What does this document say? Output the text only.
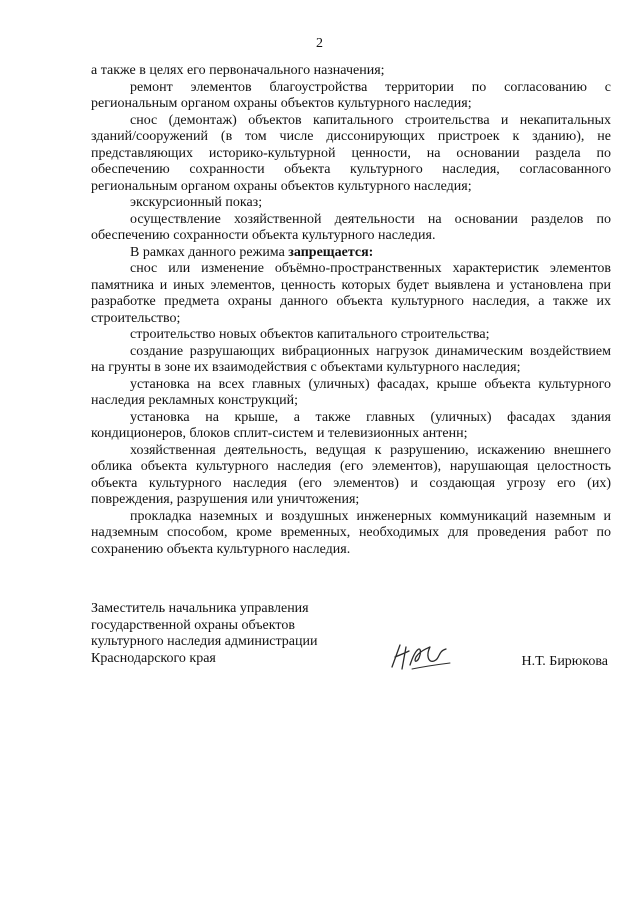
2

а также в целях его первоначального назначения;

ремонт элементов благоустройства территории по согласованию с региональным органом охраны объектов культурного наследия;

снос (демонтаж) объектов капитального строительства и некапитальных зданий/сооружений (в том числе диссонирующих пристроек к зданию), не представляющих историко-культурной ценности, на основании раздела по обеспечению сохранности объекта культурного наследия, согласованного региональным органом охраны объектов культурного наследия;

экскурсионный показ;

осуществление хозяйственной деятельности на основании разделов по обеспечению сохранности объекта культурного наследия.

В рамках данного режима запрещается:

снос или изменение объёмно-пространственных характеристик элементов памятника и иных элементов, ценность которых будет выявлена и установлена при разработке предмета охраны данного объекта культурного наследия, а также их строительство;

строительство новых объектов капитального строительства;

создание разрушающих вибрационных нагрузок динамическим воздействием на грунты в зоне их взаимодействия с объектами культурного наследия;

установка на всех главных (уличных) фасадах, крыше объекта культурного наследия рекламных конструкций;

установка на крыше, а также главных (уличных) фасадах здания кондиционеров, блоков сплит-систем и телевизионных антенн;

хозяйственная деятельность, ведущая к разрушению, искажению внешнего облика объекта культурного наследия (его элементов), нарушающая целостность объекта культурного наследия (его элементов) и создающая угрозу его (их) повреждения, разрушения или уничтожения;

прокладка наземных и воздушных инженерных коммуникаций наземным и надземным способом, кроме временных, необходимых для проведения работ по сохранению объекта культурного наследия.

Заместитель начальника управления
государственной охраны объектов
культурного наследия администрации
Краснодарского края	Н.Т. Бирюкова
